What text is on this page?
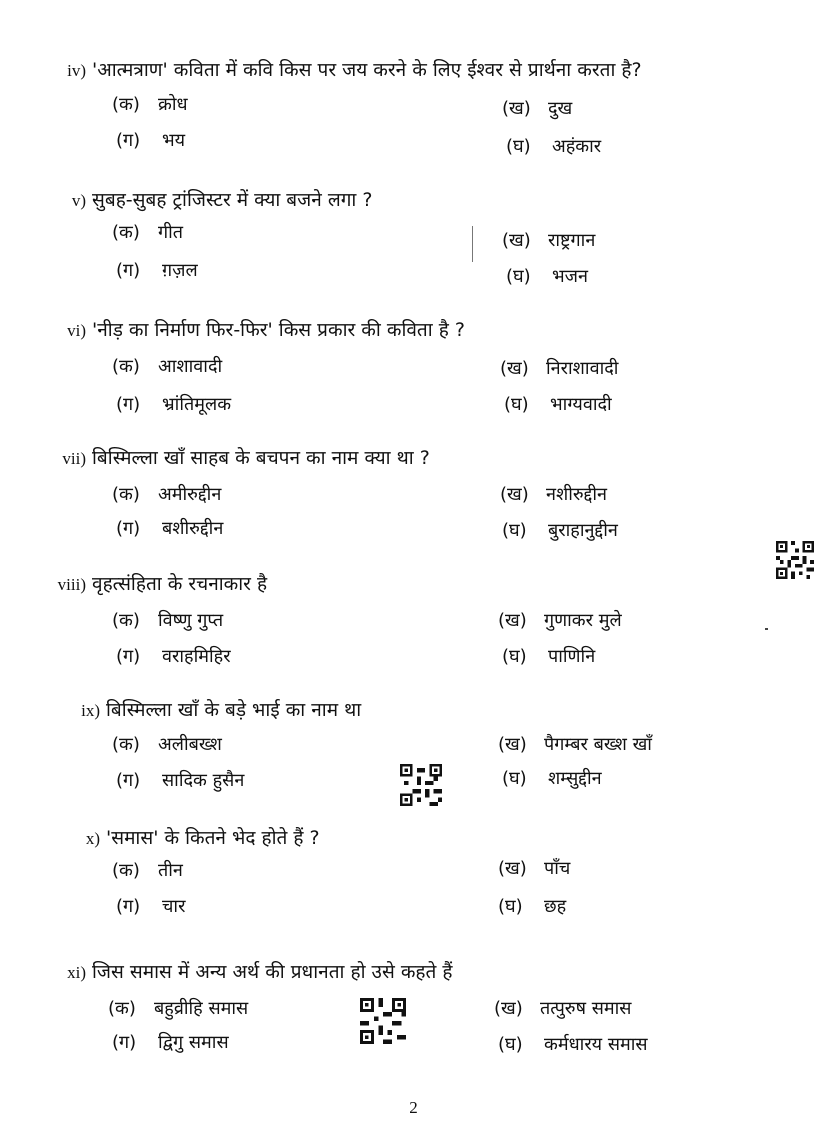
iv) 'आत्मत्राण' कविता में कवि किस पर जय करने के लिए ईश्वर से प्रार्थना करता है?
(क) क्रोध	(ख) दुख
(ग) भय	(घ) अहंकार
v) सुबह-सुबह ट्रांजिस्टर में क्या बजने लगा ?
(क) गीत	(ख) राष्ट्रगान
(ग) ग़ज़ल	(घ) भजन
vi) 'नीड़ का निर्माण फिर-फिर' किस प्रकार की कविता है ?
(क) आशावादी	(ख) निराशावादी
(ग) भ्रांतिमूलक	(घ) भाग्यवादी
vii) बिस्मिल्ला खाँ साहब के बचपन का नाम क्या था ?
(क) अमीरुद्दीन	(ख) नशीरुद्दीन
(ग) बशीरुद्दीन	(घ) बुराहानुद्दीन
viii) वृहत्संहिता के रचनाकार है
(क) विष्णु गुप्त	(ख) गुणाकर मुले
(ग) वराहमिहिर	(घ) पाणिनि
ix) बिस्मिल्ला खाँ के बड़े भाई का नाम था
(क) अलीबख्श	(ख) पैगम्बर बख्श खाँ
(ग) सादिक हुसैन	(घ) शम्सुद्दीन
x) 'समास' के कितने भेद होते हैं ?
(क) तीन	(ख) पाँच
(ग) चार	(घ) छह
xi) जिस समास में अन्य अर्थ की प्रधानता हो उसे कहते हैं
(क) बहुव्रीहि समास	(ख) तत्पुरुष समास
(ग) द्विगु समास	(घ) कर्मधारय समास
2
